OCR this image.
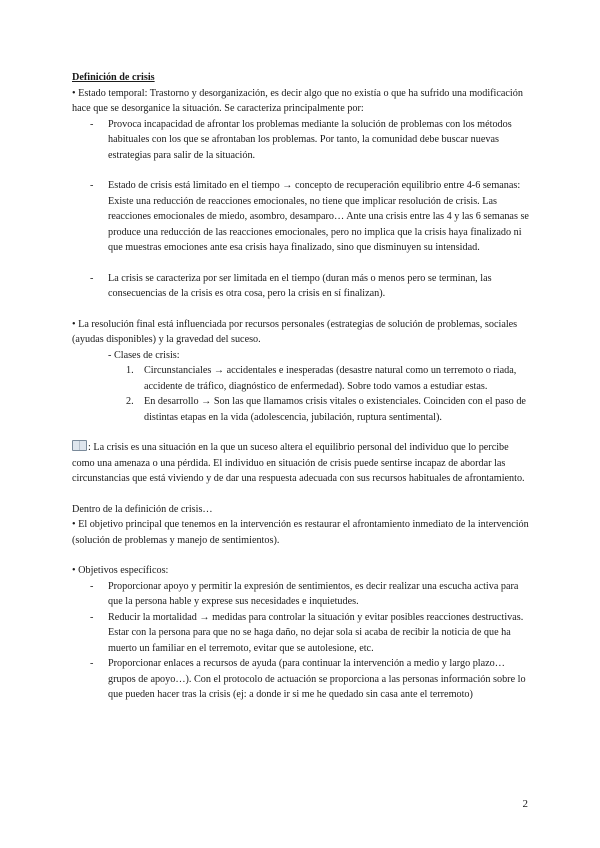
Definición de crisis

• Estado temporal: Trastorno y desorganización, es decir algo que no existía o que ha sufrido una modificación hace que se desorganice la situación. Se caracteriza principalmente por:

- Provoca incapacidad de afrontar los problemas mediante la solución de problemas con los métodos habituales con los que se afrontaban los problemas. Por tanto, la comunidad debe buscar nuevas estrategias para salir de la situación.
- Estado de crisis está limitado en el tiempo → concepto de recuperación equilibrio entre 4-6 semanas: Existe una reducción de reacciones emocionales, no tiene que implicar resolución de crisis. Las reacciones emocionales de miedo, asombro, desamparo… Ante una crisis entre las 4 y las 6 semanas se produce una reducción de las reacciones emocionales, pero no implica que la crisis haya finalizado ni que muestras emociones ante esa crisis haya finalizado, sino que disminuyen su intensidad.
- La crisis se caracteriza por ser limitada en el tiempo (duran más o menos pero se terminan, las consecuencias de la crisis es otra cosa, pero la crisis en sí finalizan).

• La resolución final está influenciada por recursos personales (estrategias de solución de problemas, sociales (ayudas disponibles) y la gravedad del suceso.

- Clases de crisis:

1. Circunstanciales → accidentales e inesperadas (desastre natural como un terremoto o riada, accidente de tráfico, diagnóstico de enfermedad). Sobre todo vamos a estudiar estas.
2. En desarrollo → Son las que llamamos crisis vitales o existenciales. Coinciden con el paso de distintas etapas en la vida (adolescencia, jubilación, ruptura sentimental).

: La crisis es una situación en la que un suceso altera el equilibrio personal del individuo que lo percibe como una amenaza o una pérdida. El individuo en situación de crisis puede sentirse incapaz de abordar las circunstancias que está viviendo y de dar una respuesta adecuada con sus recursos habituales de afrontamiento.

Dentro de la definición de crisis…

• El objetivo principal que tenemos en la intervención es restaurar el afrontamiento inmediato de la intervención (solución de problemas y manejo de sentimientos).

• Objetivos específicos:

- Proporcionar apoyo y permitir la expresión de sentimientos, es decir realizar una escucha activa para que la persona hable y exprese sus necesidades e inquietudes.
- Reducir la mortalidad → medidas para controlar la situación y evitar posibles reacciones destructivas. Estar con la persona para que no se haga daño, no dejar sola si acaba de recibir la noticia de que ha muerto un familiar en el terremoto, evitar que se autolesione, etc.
- Proporcionar enlaces a recursos de ayuda (para continuar la intervención a medio y largo plazo… grupos de apoyo…). Con el protocolo de actuación se proporciona a las personas información sobre lo que pueden hacer tras la crisis (ej: a donde ir si me he quedado sin casa ante el terremoto)
2
